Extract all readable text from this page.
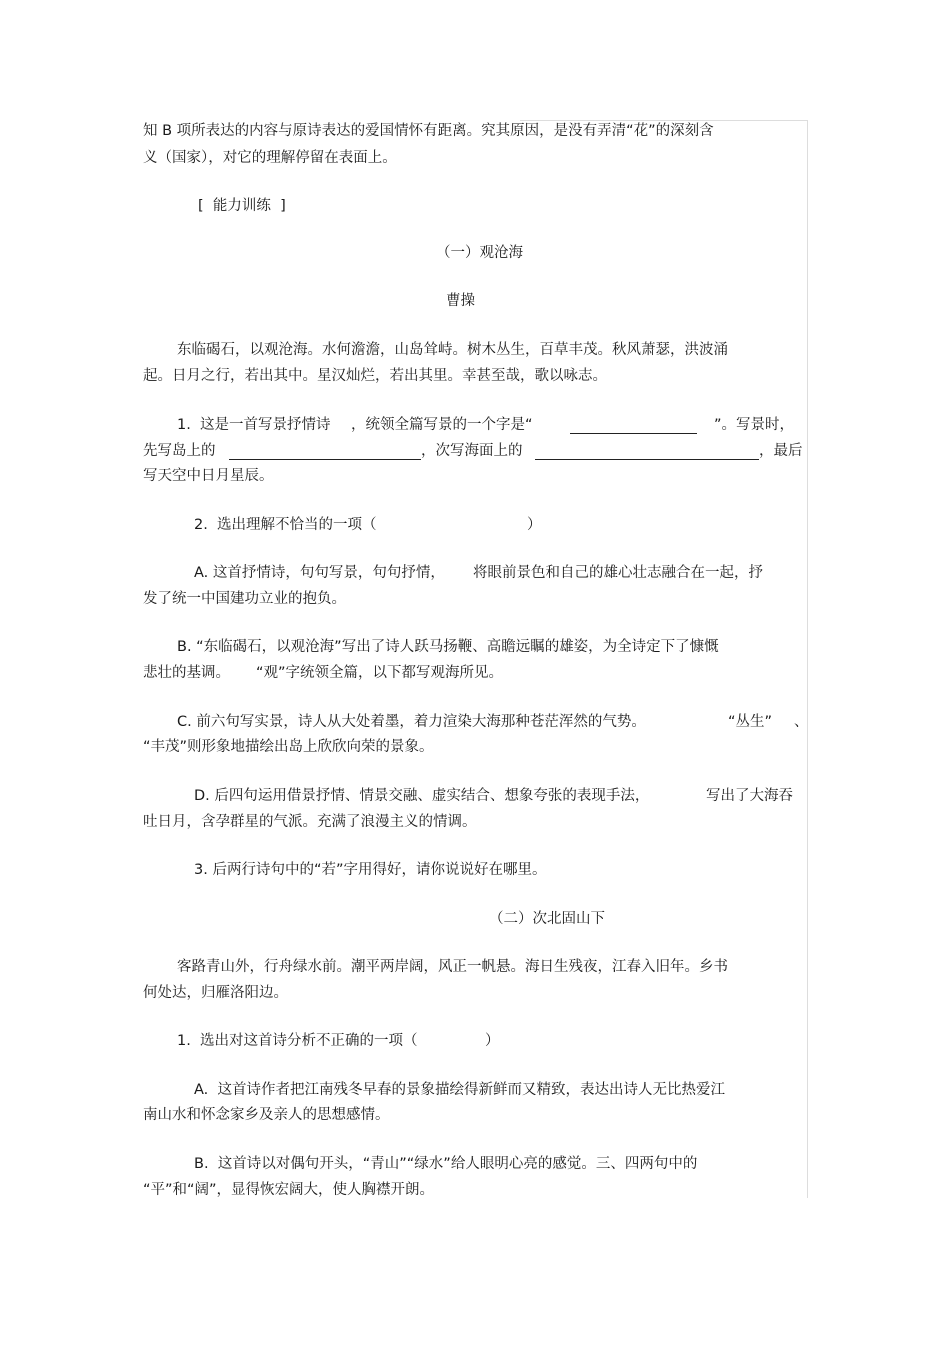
知 B 项所表达的内容与原诗表达的爱国情怀有距离。究其原因，是没有弄清“花”的深刻含
义（国家），对它的理解停留在表面上。
[  能力训练  ]
（一）观沧海
曹操
东临碣石，以观沧海。水何澹澹，山岛耸峙。树木丛生，百草丰茂。秋风萧瑟，洪波涌
起。日月之行，若出其中。星汉灿烂，若出其里。幸甚至哉，歌以咏志。
1.  这是一首写景抒情诗 ，统领全篇写景的一个字是“	”。写景时，
先写岛上的	，次写海面上的	，最后
写天空中日月星辰。
2.  选出理解不恰当的一项（	）
A. 这首抒情诗，句句写景，句句抒情， 将眼前景色和自己的雄心壮志融合在一起，抒
发了统一中国建功立业的抱负。
B. “东临碣石，以观沧海”写出了诗人跃马扬鞭、高瞻远瞩的雄姿，为全诗定下了慷慨
悲壮的基调。 “观”字统领全篇，以下都写观海所见。
C. 前六句写实景，诗人从大处着墨，着力渲染大海那种苍茫浑然的气势。	“丛生” 、
“丰茂”则形象地描绘出岛上欣欣向荣的景象。
D. 后四句运用借景抒情、情景交融、虚实结合、想象夸张的表现手法，	写出了大海吞
吐日月，含孕群星的气派。充满了浪漫主义的情调。
3. 后两行诗句中的“若”字用得好，请你说说好在哪里。
（二）次北固山下
客路青山外，行舟绿水前。潮平两岸阔，风正一帆悬。海日生残夜，江春入旧年。乡书
何处达，归雁洛阳边。
1.  选出对这首诗分析不正确的一项（	）
A.  这首诗作者把江南残冬早春的景象描绘得新鲜而又精致，表达出诗人无比热爱江
南山水和怀念家乡及亲人的思想感情。
B.  这首诗以对偶句开头，“青山”“绿水”给人眼明心亮的感觉。三、四两句中的
“平”和“阔”，显得恢宏阔大，使人胸襟开朗。
